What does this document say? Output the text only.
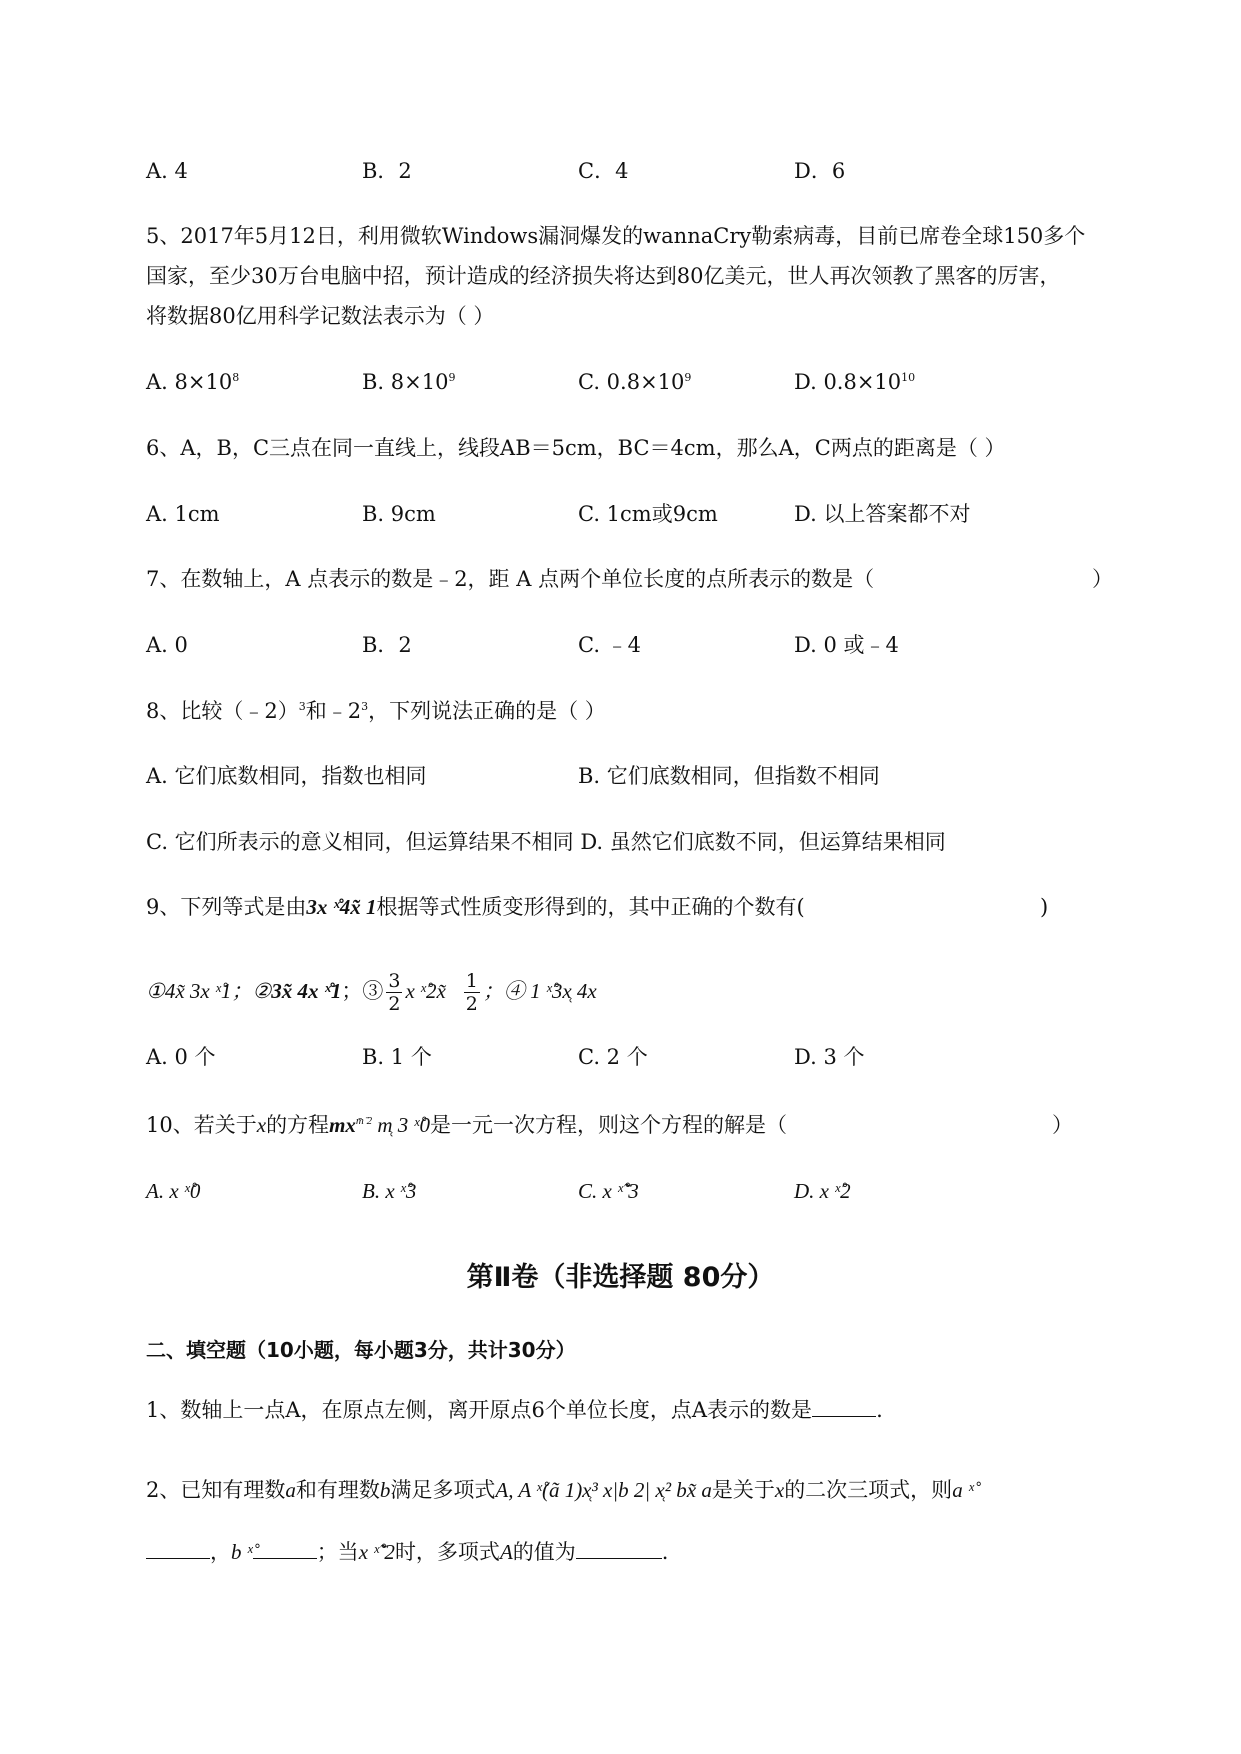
A. 4	B．2	C．4	D．6
5、2017年5月12日，利用微软Windows漏洞爆发的wannaCry勒索病毒，目前已席卷全球150多个
国家，至少30万台电脑中招，预计造成的经济损失将达到80亿美元，世人再次领教了黑客的厉害，
将数据80亿用科学记数法表示为（ ）
A. $8\times 10^8$	B. $8\times 10^9$	C. $0.8\times 10^9$	D. $0.8\times 10^{10}$
6、A，B，C三点在同一直线上，线段AB＝5cm，BC＝4cm，那么A，C两点的距离是（ ）
A. 1cm	B. 9cm	C. 1cm或9cm	D. 以上答案都不对
7、在数轴上，A 点表示的数是﹣2，距 A 点两个单位长度的点所表示的数是（	）
A. 0	B．2	C. ﹣4	D. 0 或﹣4
8、比较（﹣2）$^3$和$﹣2^3$，下列说法正确的是（ ）
A. 它们底数相同，指数也相同	B. 它们底数相同，但指数不相同
C. 它们所表示的意义相同，但运算结果不相同 D. 虽然它们底数不同，但运算结果相同
9、下列等式是由3x ˣ̊4x̃ 1根据等式性质变形得到的，其中正确的个数有(	)
①4x̃ 3x ˣ̊1；②3x̃ 4x ˣ̊1；③ $\frac{3}{2}$ x ˣ̊2x̃ $\frac{1}{2}$ ；④ 1 ˣ̊3x̜ 4x
A. 0 个	B. 1 个	C. 2 个	D. 3 个
10、若关于x的方程$mx^{m̄ ̄2}$ m̜ 3 ˣ̊0是一元一次方程，则这个方程的解是（	）
A. x ˣ̊0	B. x ˣ̊3	C. x ˣ̊̃ 3	D. x ˣ̊2
第Ⅱ卷（非选择题 80分）
二、填空题（10小题，每小题3分，共计30分）
1、数轴上一点A，在原点左侧，离开原点6个单位长度，点A表示的数是	.
2、已知有理数a和有理数b满足多项式A, A ˣ̊(ã 1)x̜³ x|b 2| x̜² bx̃ a是关于x的二次三项式，则a ˣ̊
，b ˣ̊	；当x ˣ̊̃ 2时，多项式A的值为	.
